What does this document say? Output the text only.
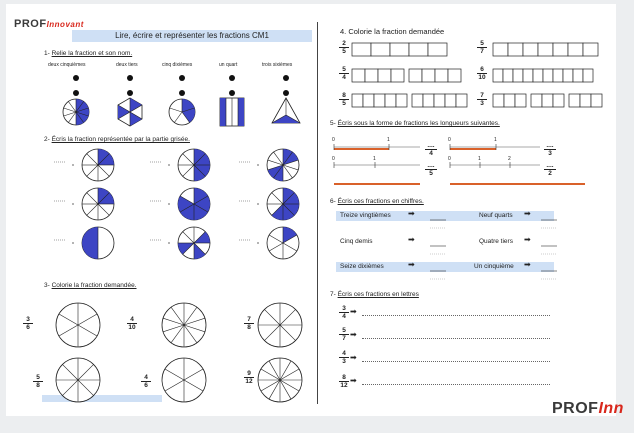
PROFInnovant
Lire, écrire et représenter les fractions CM1
1- Relie la fraction et son nom.
deux cinquièmes	deux tiers	cinq dixièmes	un quart	trois sixièmes
2- Écris la fraction représentée par la partie grisée.
3- Colorie la fraction demandée.
3
6
4
10
7
8
5
8
4
6
9
12
4. Colorie la fraction demandée
2
5
5
7
5
4
6
10
8
5
7
3
5- Écris sous la forme de fractions les longueurs suivantes.
0	1	0	1
0	1	0	1	2
....
4
....
3
....
5
....
2
6- Écris ces fractions en chiffres.
Treize vingtièmes	Neuf quarts
Cinq demis	Quatre tiers
Seize dixièmes	Un cinquième
➡	➡
➡	➡
➡	➡
7- Écris ces fractions en lettres
3
4
5
7
4
3
8
12
➡
➡
➡
➡
PROFInn
